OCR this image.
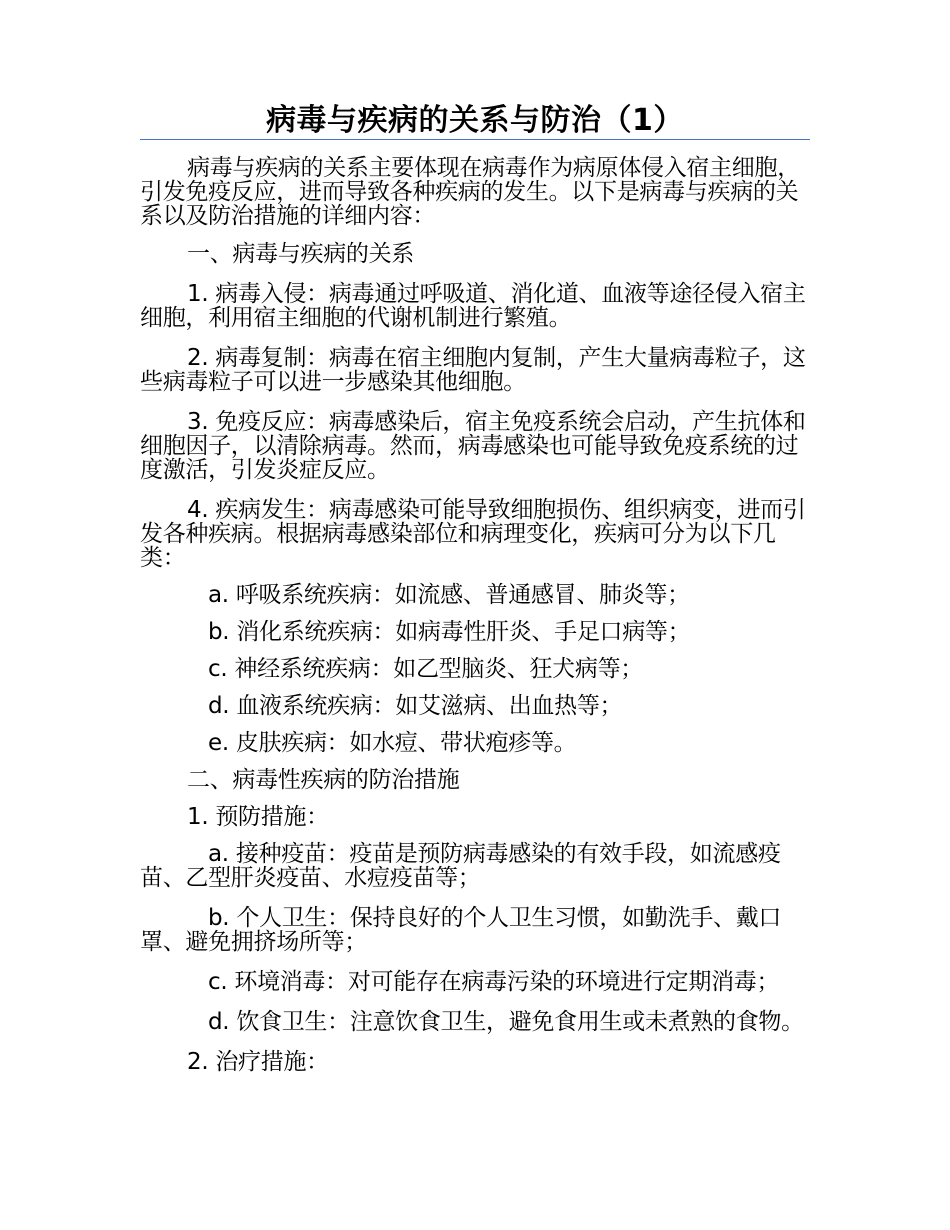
病毒与疾病的关系与防治（1）

病毒与疾病的关系主要体现在病毒作为病原体侵入宿主细胞，引发免疫反应，进而导致各种疾病的发生。以下是病毒与疾病的关系以及防治措施的详细内容：

一、病毒与疾病的关系

1. 病毒入侵：病毒通过呼吸道、消化道、血液等途径侵入宿主细胞，利用宿主细胞的代谢机制进行繁殖。

2. 病毒复制：病毒在宿主细胞内复制，产生大量病毒粒子，这些病毒粒子可以进一步感染其他细胞。

3. 免疫反应：病毒感染后，宿主免疫系统会启动，产生抗体和细胞因子，以清除病毒。然而，病毒感染也可能导致免疫系统的过度激活，引发炎症反应。

4. 疾病发生：病毒感染可能导致细胞损伤、组织病变，进而引发各种疾病。根据病毒感染部位和病理变化，疾病可分为以下几类：

a. 呼吸系统疾病：如流感、普通感冒、肺炎等；

b. 消化系统疾病：如病毒性肝炎、手足口病等；

c. 神经系统疾病：如乙型脑炎、狂犬病等；

d. 血液系统疾病：如艾滋病、出血热等；

e. 皮肤疾病：如水痘、带状疱疹等。

二、病毒性疾病的防治措施

1. 预防措施：

a. 接种疫苗：疫苗是预防病毒感染的有效手段，如流感疫苗、乙型肝炎疫苗、水痘疫苗等；

b. 个人卫生：保持良好的个人卫生习惯，如勤洗手、戴口罩、避免拥挤场所等；

c. 环境消毒：对可能存在病毒污染的环境进行定期消毒；

d. 饮食卫生：注意饮食卫生，避免食用生或未煮熟的食物。

2. 治疗措施：
